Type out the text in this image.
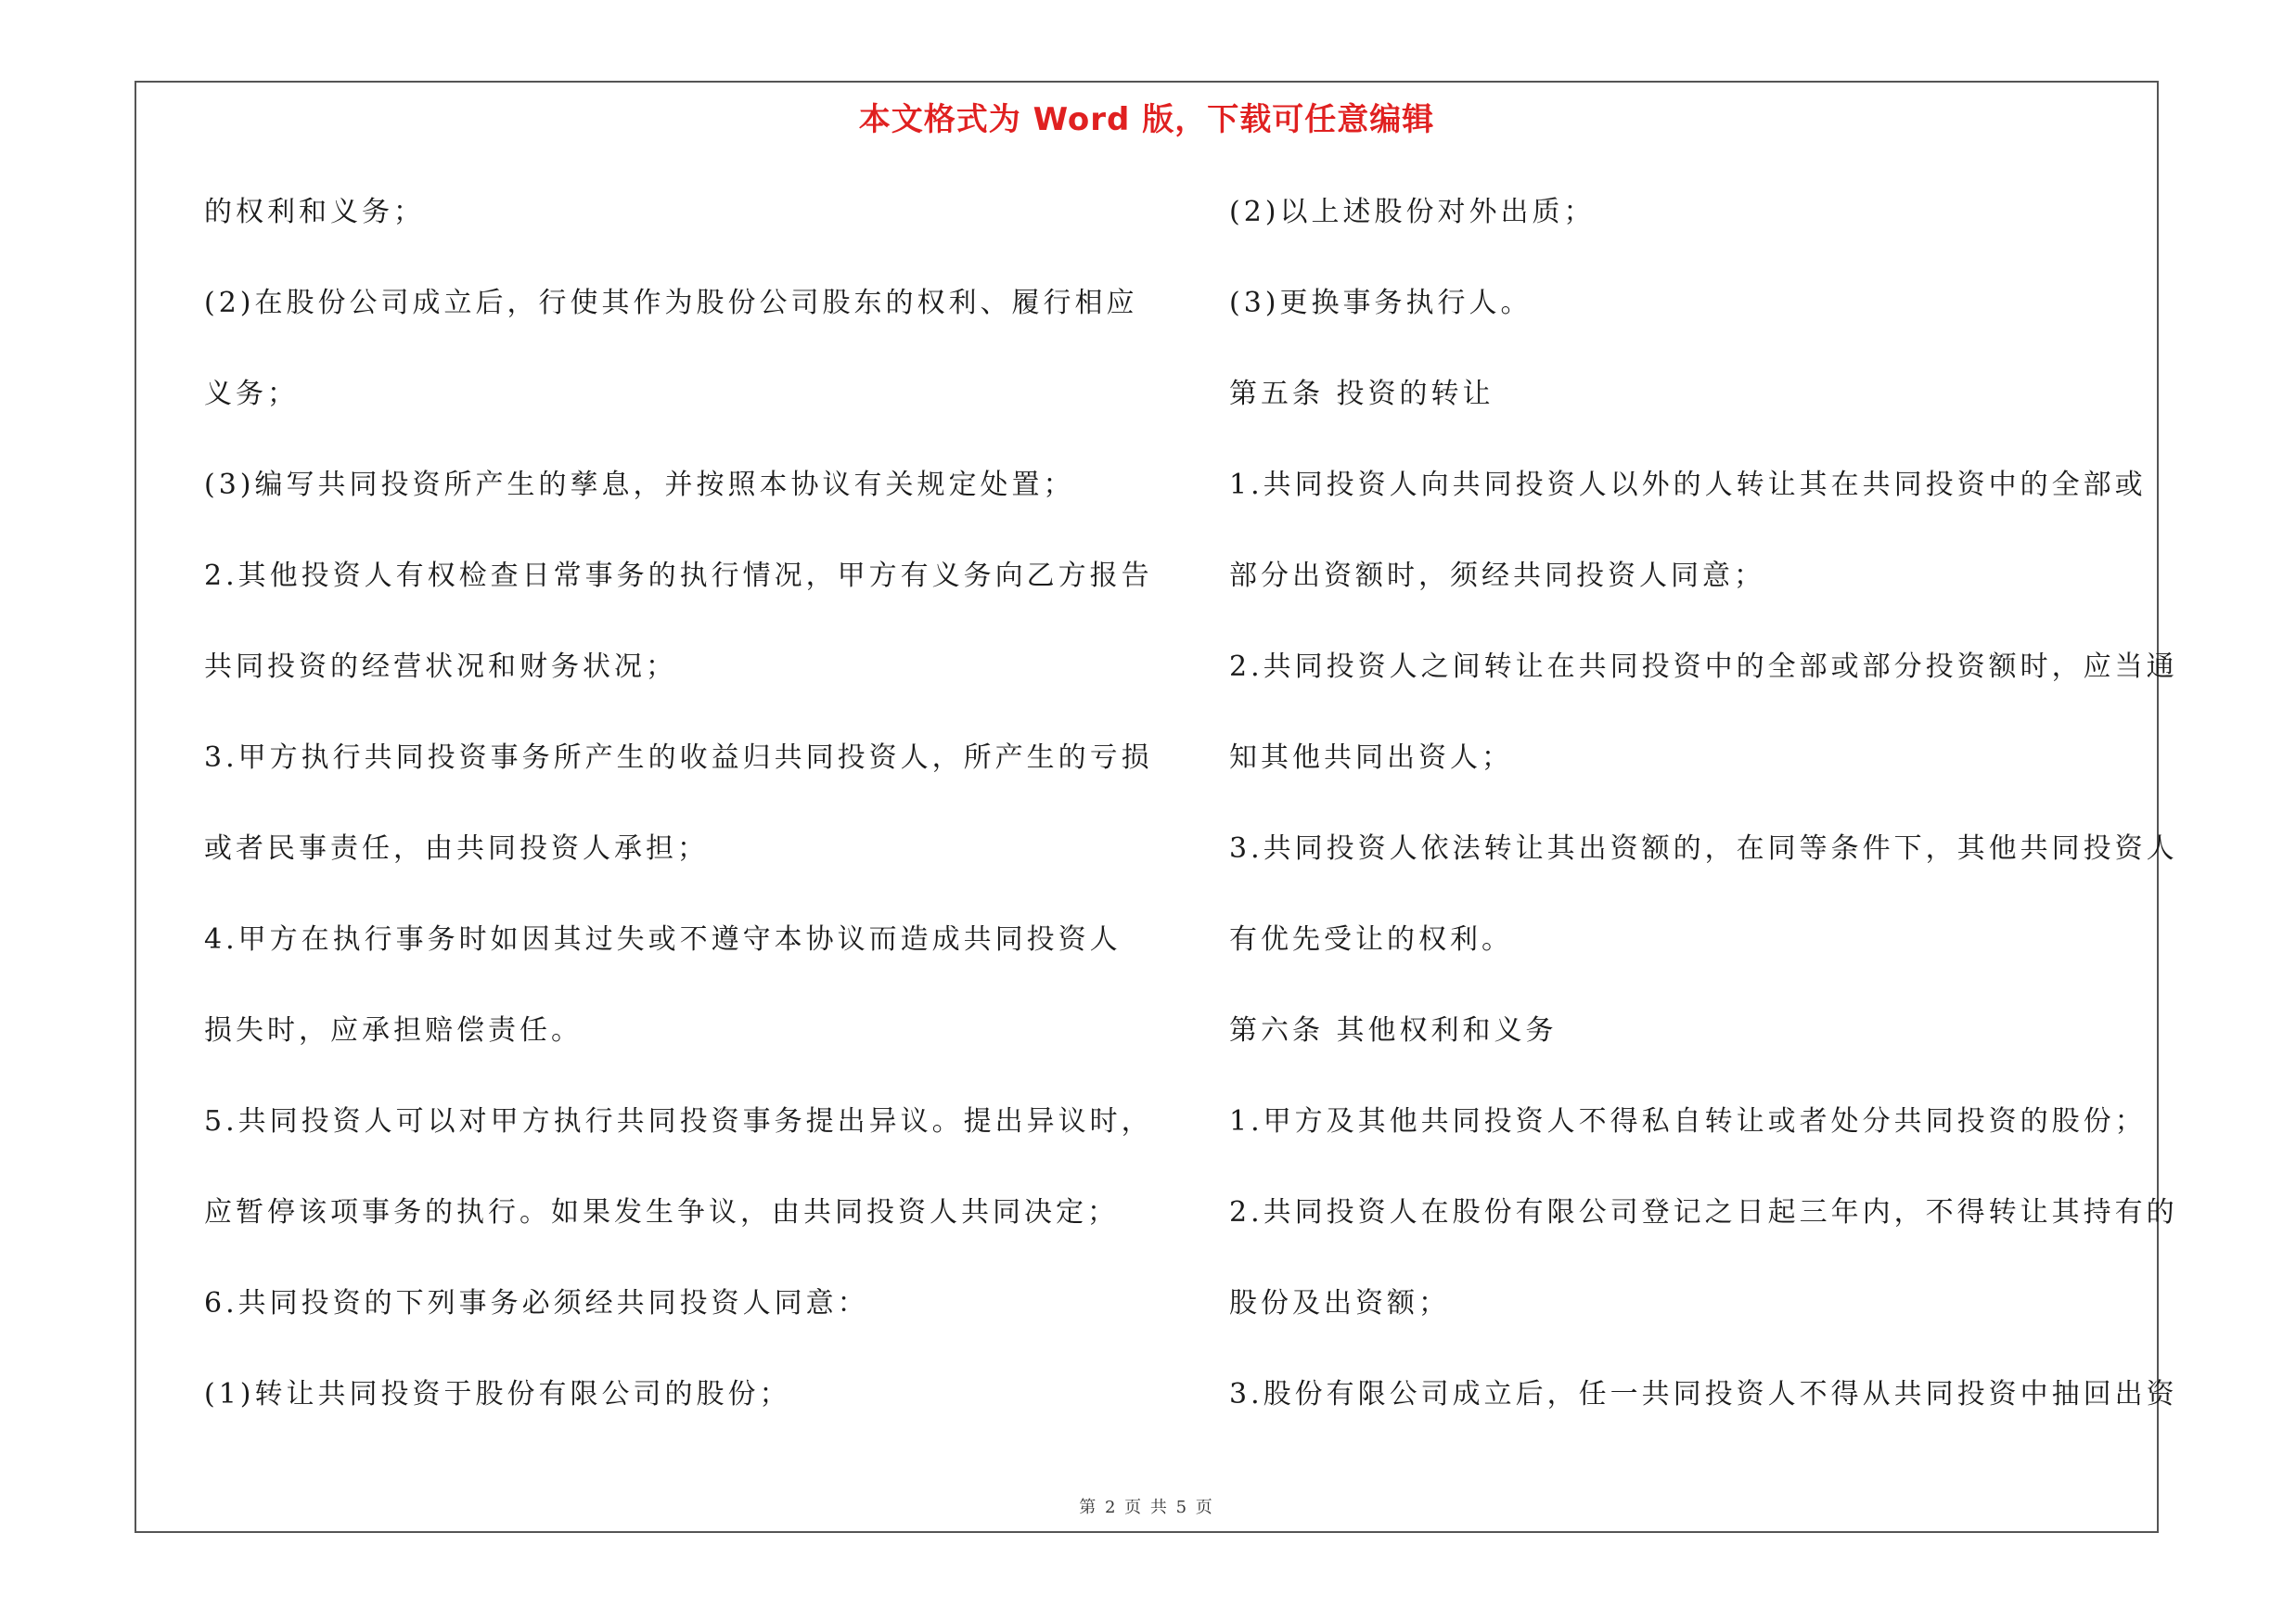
本文格式为 Word 版，下载可任意编辑
的权利和义务；
(2)在股份公司成立后，行使其作为股份公司股东的权利、履行相应
义务；
(3)编写共同投资所产生的孳息，并按照本协议有关规定处置；
2.其他投资人有权检查日常事务的执行情况，甲方有义务向乙方报告
共同投资的经营状况和财务状况；
3.甲方执行共同投资事务所产生的收益归共同投资人，所产生的亏损
或者民事责任，由共同投资人承担；
4.甲方在执行事务时如因其过失或不遵守本协议而造成共同投资人
损失时，应承担赔偿责任。
5.共同投资人可以对甲方执行共同投资事务提出异议。提出异议时，
应暂停该项事务的执行。如果发生争议，由共同投资人共同决定；
6.共同投资的下列事务必须经共同投资人同意：
(1)转让共同投资于股份有限公司的股份；
(2)以上述股份对外出质；
(3)更换事务执行人。
第五条 投资的转让
1.共同投资人向共同投资人以外的人转让其在共同投资中的全部或
部分出资额时，须经共同投资人同意；
2.共同投资人之间转让在共同投资中的全部或部分投资额时，应当通
知其他共同出资人；
3.共同投资人依法转让其出资额的，在同等条件下，其他共同投资人
有优先受让的权利。
第六条 其他权利和义务
1.甲方及其他共同投资人不得私自转让或者处分共同投资的股份；
2.共同投资人在股份有限公司登记之日起三年内，不得转让其持有的
股份及出资额；
3.股份有限公司成立后，任一共同投资人不得从共同投资中抽回出资
第 2 页 共 5 页
